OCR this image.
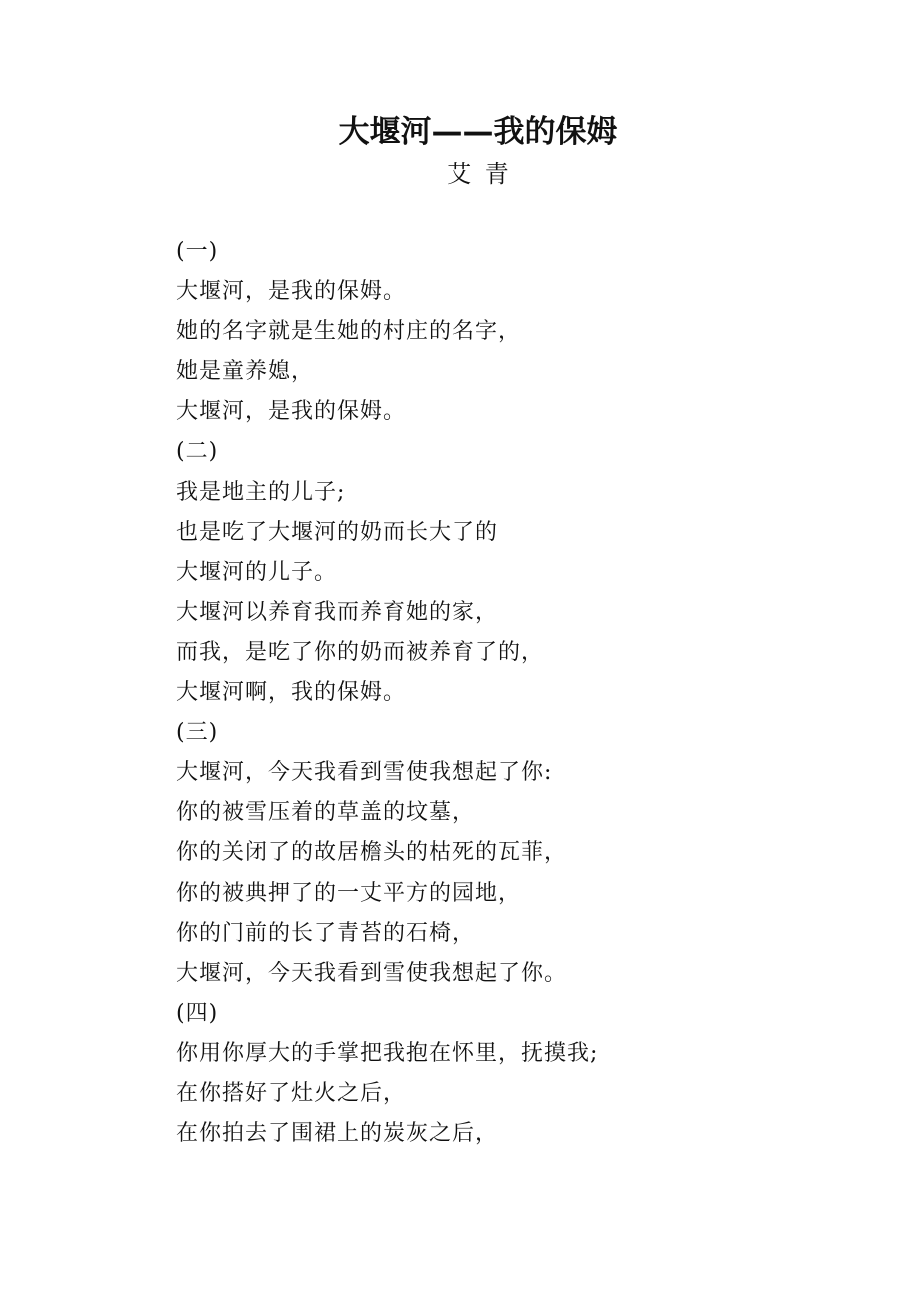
大堰河——我的保姆
艾 青
(一)
大堰河，是我的保姆。
她的名字就是生她的村庄的名字，
她是童养媳，
大堰河，是我的保姆。
(二)
我是地主的儿子;
也是吃了大堰河的奶而长大了的
大堰河的儿子。
大堰河以养育我而养育她的家，
而我，是吃了你的奶而被养育了的，
大堰河啊，我的保姆。
(三)
大堰河，今天我看到雪使我想起了你:
你的被雪压着的草盖的坟墓，
你的关闭了的故居檐头的枯死的瓦菲，
你的被典押了的一丈平方的园地，
你的门前的长了青苔的石椅，
大堰河，今天我看到雪使我想起了你。
(四)
你用你厚大的手掌把我抱在怀里，抚摸我;
在你搭好了灶火之后，
在你拍去了围裙上的炭灰之后，
